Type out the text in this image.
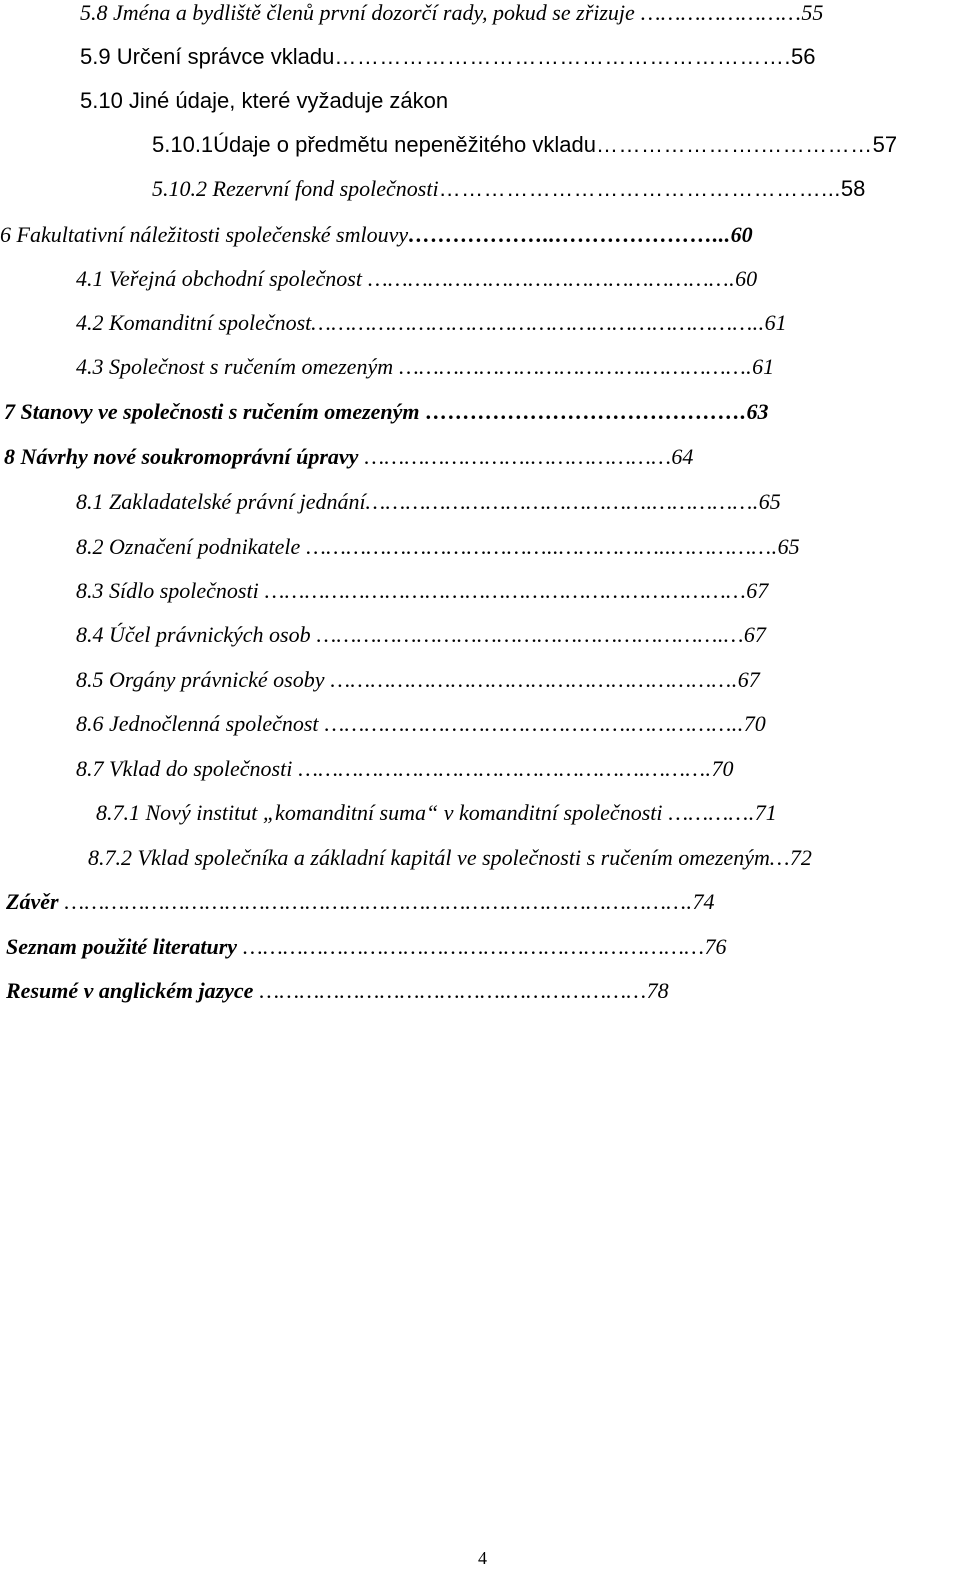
5.8 Jména a bydliště členů první dozorčí rady, pokud se zřizuje ……………………55
5.9 Určení správce vkladu…………………………………………………….56
5.10 Jiné údaje, které vyžaduje zákon
5.10.1Údaje o předmětu nepeněžitého vkladu………………….……………57
5.10.2 Rezervní fond společnosti……………………………………………...58
6 Fakultativní náležitosti společenské smlouvy………………..…………………...60
4.1 Veřejná obchodní společnost ……………………………………………….60
4.2 Komanditní společnost…………………………………………………………..61
4.3 Společnost s ručením omezeným ……………………………….…………….61
7 Stanovy ve společnosti s ručením omezeným …………………………………….63
8 Návrhy nové soukromoprávní úpravy …………………….…………………64
8.1 Zakladatelské právní jednání…………………………………….…………….65
8.2 Označení podnikatele ………………………………..……………..…………….65
8.3 Sídlo společnosti ………………………………………………………………67
8.4 Účel právnických osob …………………………………………………….…67
8.5 Orgány právnické osoby …………………………………………………….67
8.6 Jednočlenná společnost ……………………………………….……………..70
8.7 Vklad do společnosti …………………………………………….……….70
8.7.1 Nový institut „komanditní suma“ v komanditní společnosti ………….71
8.7.2 Vklad společníka a základní kapitál ve společnosti s ručením omezeným…72
Závěr ………………………………………………………………………………….74
Seznam použité literatury ……………………………………………………………76
Resumé v anglickém jazyce ……………………………….…………………78
4
